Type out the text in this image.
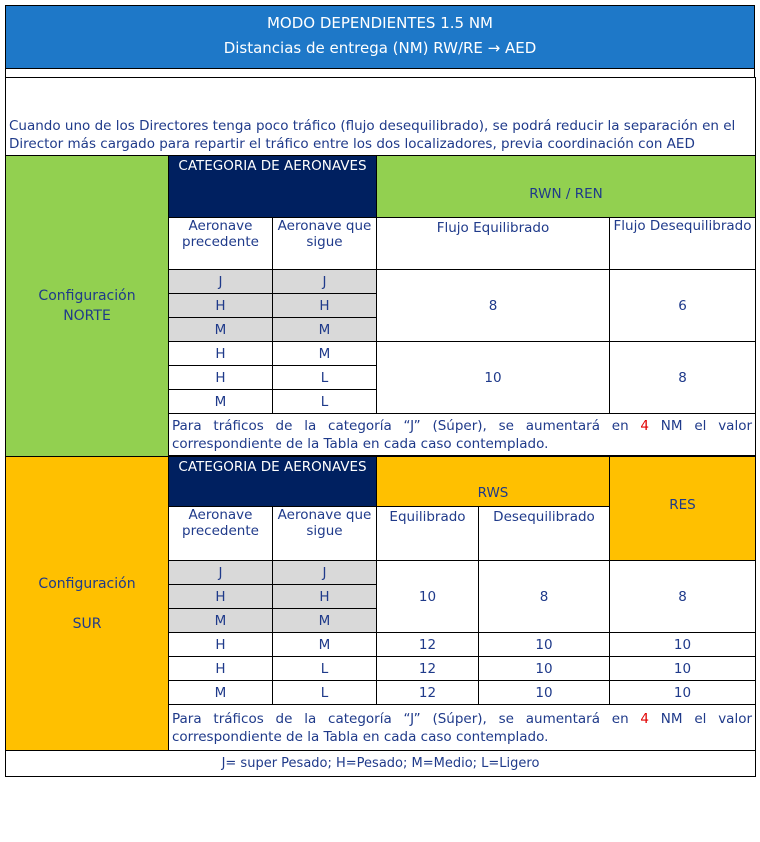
MODO DEPENDIENTES 1.5 NM
Distancias de entrega (NM) RW/RE → AED
Cuando uno de los Directores tenga poco tráfico (flujo desequilibrado), se podrá reducir la separación en el Director más cargado para repartir el tráfico entre los dos localizadores, previa coordinación con AED					
Configuración
NORTE	CATEGORIA DE AERONAVES		RWN / REN		
	Aeronave precedente	Aeronave que sigue	Flujo Equilibrado		Flujo Desequilibrado
	J	J	8		6
	H	H			
	M	M			
	H	M	10		8
	H	L			
	M	L			
	Para tráficos de la categoría “J” (Súper), se aumentará en 4 NM el valor correspondiente de la Tabla en cada caso contemplado.				

Configuración

SUR	CATEGORIA DE AERONAVES		RWS		RES
	Aeronave precedente	Aeronave que sigue	Equilibrado	Desequilibrado	
	J	J	10	8	8
	H	H			
	M	M			
	H	M	12	10	10
	H	L	12	10	10
	M	L	12	10	10
	Para tráficos de la categoría “J” (Súper), se aumentará en 4 NM el valor correspondiente de la Tabla en cada caso contemplado.				
J= super Pesado; H=Pesado; M=Medio; L=Ligero					
